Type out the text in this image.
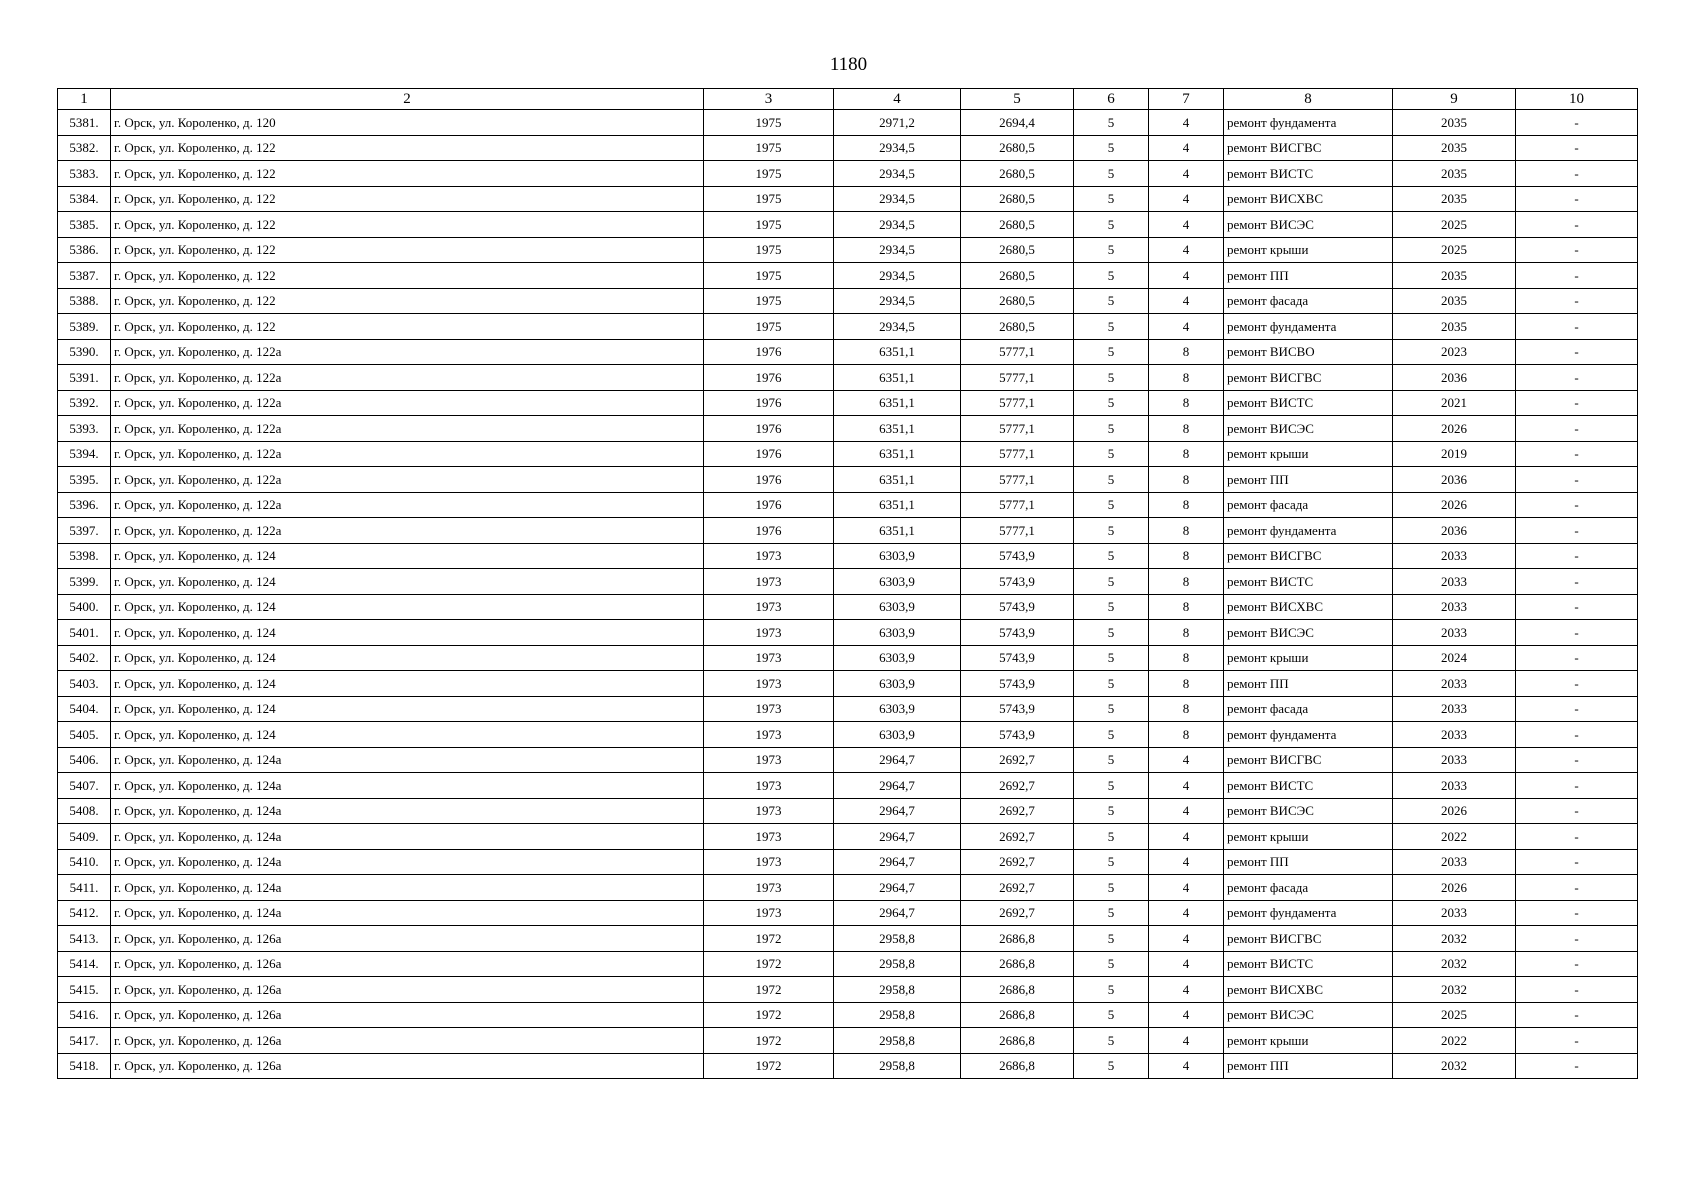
1180
1	2	3	4	5	6	7	8	9	10
5381.	г. Орск, ул. Короленко, д. 120	1975	2971,2	2694,4	5	4	ремонт фундамента	2035	-
5382.	г. Орск, ул. Короленко, д. 122	1975	2934,5	2680,5	5	4	ремонт ВИСГВС	2035	-
5383.	г. Орск, ул. Короленко, д. 122	1975	2934,5	2680,5	5	4	ремонт ВИСТС	2035	-
5384.	г. Орск, ул. Короленко, д. 122	1975	2934,5	2680,5	5	4	ремонт ВИСХВС	2035	-
5385.	г. Орск, ул. Короленко, д. 122	1975	2934,5	2680,5	5	4	ремонт ВИСЭС	2025	-
5386.	г. Орск, ул. Короленко, д. 122	1975	2934,5	2680,5	5	4	ремонт крыши	2025	-
5387.	г. Орск, ул. Короленко, д. 122	1975	2934,5	2680,5	5	4	ремонт ПП	2035	-
5388.	г. Орск, ул. Короленко, д. 122	1975	2934,5	2680,5	5	4	ремонт фасада	2035	-
5389.	г. Орск, ул. Короленко, д. 122	1975	2934,5	2680,5	5	4	ремонт фундамента	2035	-
5390.	г. Орск, ул. Короленко, д. 122а	1976	6351,1	5777,1	5	8	ремонт ВИСВО	2023	-
5391.	г. Орск, ул. Короленко, д. 122а	1976	6351,1	5777,1	5	8	ремонт ВИСГВС	2036	-
5392.	г. Орск, ул. Короленко, д. 122а	1976	6351,1	5777,1	5	8	ремонт ВИСТС	2021	-
5393.	г. Орск, ул. Короленко, д. 122а	1976	6351,1	5777,1	5	8	ремонт ВИСЭС	2026	-
5394.	г. Орск, ул. Короленко, д. 122а	1976	6351,1	5777,1	5	8	ремонт крыши	2019	-
5395.	г. Орск, ул. Короленко, д. 122а	1976	6351,1	5777,1	5	8	ремонт ПП	2036	-
5396.	г. Орск, ул. Короленко, д. 122а	1976	6351,1	5777,1	5	8	ремонт фасада	2026	-
5397.	г. Орск, ул. Короленко, д. 122а	1976	6351,1	5777,1	5	8	ремонт фундамента	2036	-
5398.	г. Орск, ул. Короленко, д. 124	1973	6303,9	5743,9	5	8	ремонт ВИСГВС	2033	-
5399.	г. Орск, ул. Короленко, д. 124	1973	6303,9	5743,9	5	8	ремонт ВИСТС	2033	-
5400.	г. Орск, ул. Короленко, д. 124	1973	6303,9	5743,9	5	8	ремонт ВИСХВС	2033	-
5401.	г. Орск, ул. Короленко, д. 124	1973	6303,9	5743,9	5	8	ремонт ВИСЭС	2033	-
5402.	г. Орск, ул. Короленко, д. 124	1973	6303,9	5743,9	5	8	ремонт крыши	2024	-
5403.	г. Орск, ул. Короленко, д. 124	1973	6303,9	5743,9	5	8	ремонт ПП	2033	-
5404.	г. Орск, ул. Короленко, д. 124	1973	6303,9	5743,9	5	8	ремонт фасада	2033	-
5405.	г. Орск, ул. Короленко, д. 124	1973	6303,9	5743,9	5	8	ремонт фундамента	2033	-
5406.	г. Орск, ул. Короленко, д. 124а	1973	2964,7	2692,7	5	4	ремонт ВИСГВС	2033	-
5407.	г. Орск, ул. Короленко, д. 124а	1973	2964,7	2692,7	5	4	ремонт ВИСТС	2033	-
5408.	г. Орск, ул. Короленко, д. 124а	1973	2964,7	2692,7	5	4	ремонт ВИСЭС	2026	-
5409.	г. Орск, ул. Короленко, д. 124а	1973	2964,7	2692,7	5	4	ремонт крыши	2022	-
5410.	г. Орск, ул. Короленко, д. 124а	1973	2964,7	2692,7	5	4	ремонт ПП	2033	-
5411.	г. Орск, ул. Короленко, д. 124а	1973	2964,7	2692,7	5	4	ремонт фасада	2026	-
5412.	г. Орск, ул. Короленко, д. 124а	1973	2964,7	2692,7	5	4	ремонт фундамента	2033	-
5413.	г. Орск, ул. Короленко, д. 126а	1972	2958,8	2686,8	5	4	ремонт ВИСГВС	2032	-
5414.	г. Орск, ул. Короленко, д. 126а	1972	2958,8	2686,8	5	4	ремонт ВИСТС	2032	-
5415.	г. Орск, ул. Короленко, д. 126а	1972	2958,8	2686,8	5	4	ремонт ВИСХВС	2032	-
5416.	г. Орск, ул. Короленко, д. 126а	1972	2958,8	2686,8	5	4	ремонт ВИСЭС	2025	-
5417.	г. Орск, ул. Короленко, д. 126а	1972	2958,8	2686,8	5	4	ремонт крыши	2022	-
5418.	г. Орск, ул. Короленко, д. 126а	1972	2958,8	2686,8	5	4	ремонт ПП	2032	-
